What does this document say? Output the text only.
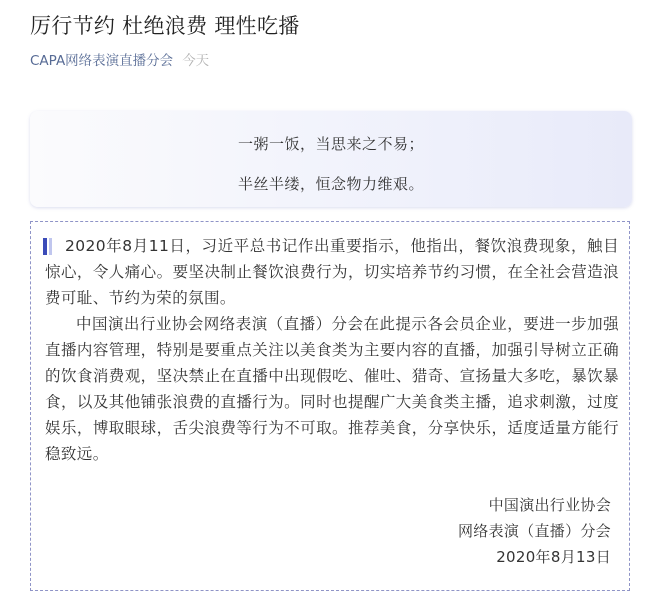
厉行节约 杜绝浪费 理性吃播
CAPA网络表演直播分会 今天
一粥一饭，当思来之不易；
半丝半缕，恒念物力维艰。
2020年8月11日，习近平总书记作出重要指示，他指出，餐饮浪费现象，触目惊心，令人痛心。要坚决制止餐饮浪费行为，切实培养节约习惯，在全社会营造浪费可耻、节约为荣的氛围。
中国演出行业协会网络表演（直播）分会在此提示各会员企业，要进一步加强直播内容管理，特别是要重点关注以美食类为主要内容的直播，加强引导树立正确的饮食消费观，坚决禁止在直播中出现假吃、催吐、猎奇、宣扬量大多吃，暴饮暴食，以及其他铺张浪费的直播行为。同时也提醒广大美食类主播，追求刺激，过度娱乐，博取眼球，舌尖浪费等行为不可取。推荐美食，分享快乐，适度适量方能行稳致远。
中国演出行业协会
网络表演（直播）分会
2020年8月13日
